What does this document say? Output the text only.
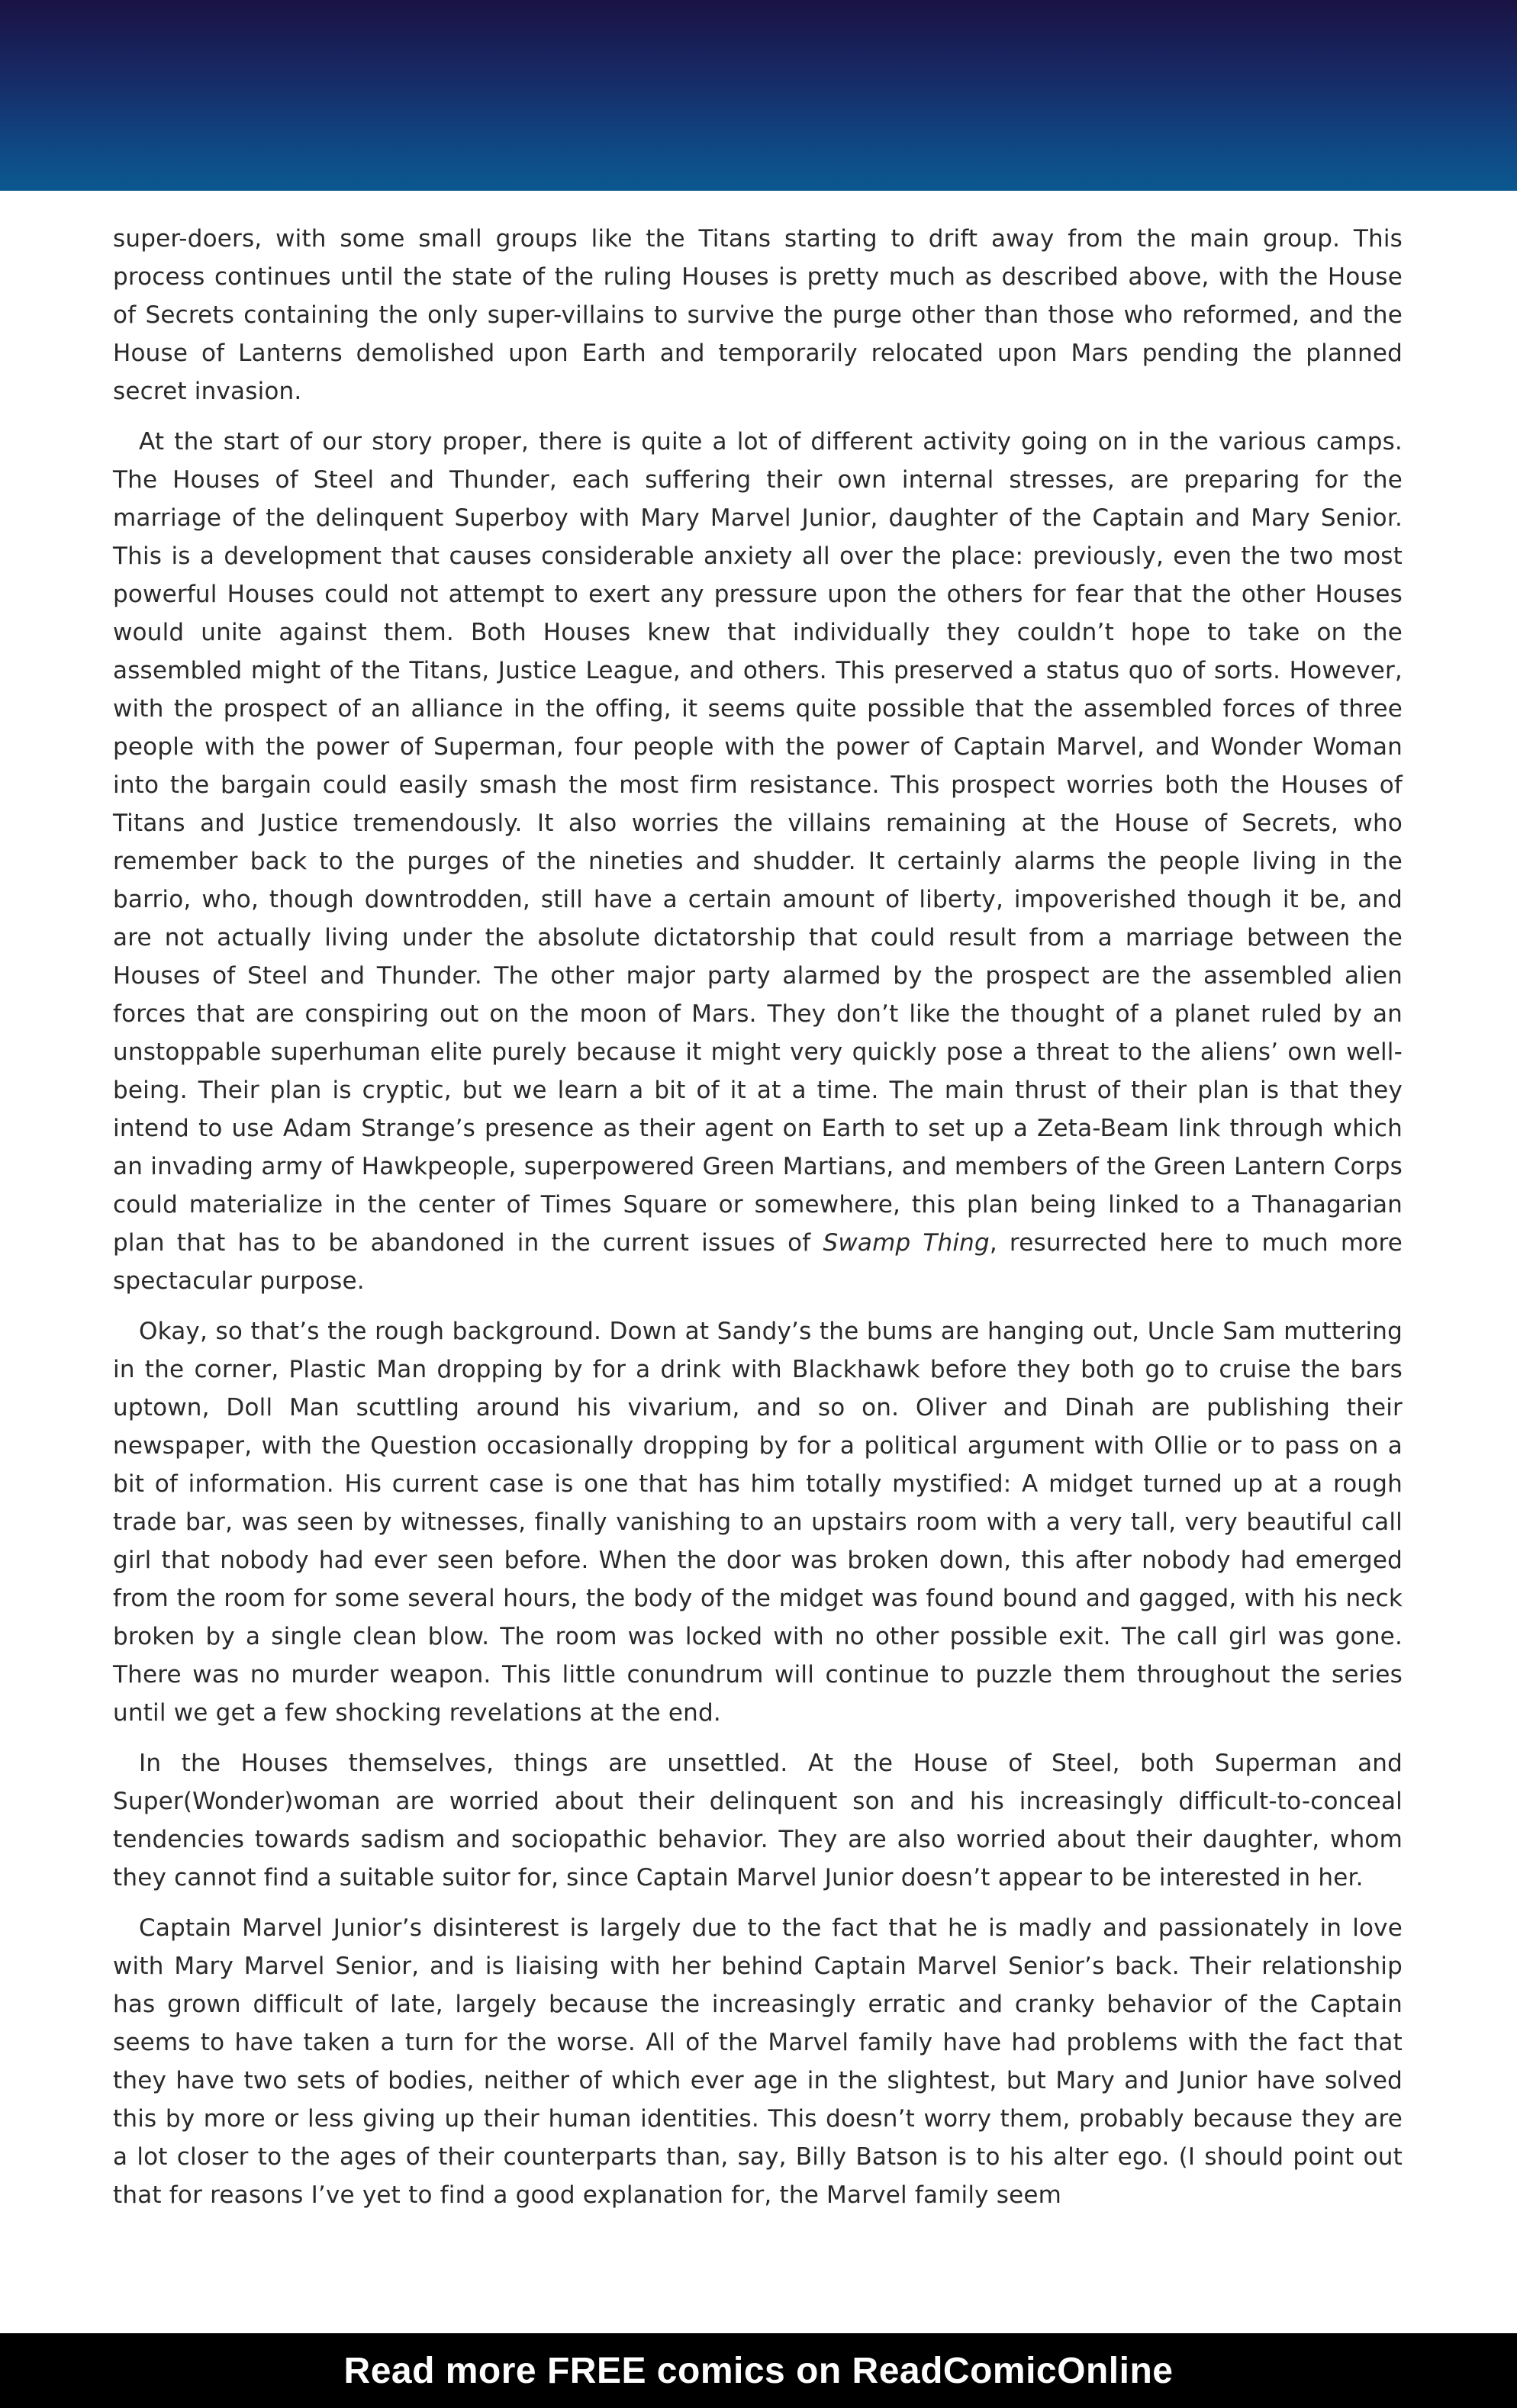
super-doers, with some small groups like the Titans starting to drift away from the main group. This process continues until the state of the ruling Houses is pretty much as described above, with the House of Secrets containing the only super-villains to survive the purge other than those who reformed, and the House of Lanterns demolished upon Earth and temporarily relocated upon Mars pending the planned secret invasion.

At the start of our story proper, there is quite a lot of different activity going on in the various camps. The Houses of Steel and Thunder, each suffering their own internal stresses, are preparing for the marriage of the delinquent Superboy with Mary Marvel Junior, daughter of the Captain and Mary Senior. This is a development that causes considerable anxiety all over the place: previously, even the two most powerful Houses could not attempt to exert any pressure upon the others for fear that the other Houses would unite against them. Both Houses knew that individually they couldn’t hope to take on the assembled might of the Titans, Justice League, and others. This preserved a status quo of sorts. However, with the prospect of an alliance in the offing, it seems quite possible that the assembled forces of three people with the power of Superman, four people with the power of Captain Marvel, and Wonder Woman into the bargain could easily smash the most firm resistance. This prospect worries both the Houses of Titans and Justice tremendously. It also worries the villains remaining at the House of Secrets, who remember back to the purges of the nineties and shudder. It certainly alarms the people living in the barrio, who, though downtrodden, still have a certain amount of liberty, impoverished though it be, and are not actually living under the absolute dictatorship that could result from a marriage between the Houses of Steel and Thunder. The other major party alarmed by the prospect are the assembled alien forces that are conspiring out on the moon of Mars. They don’t like the thought of a planet ruled by an unstoppable superhuman elite purely because it might very quickly pose a threat to the aliens’ own well-being. Their plan is cryptic, but we learn a bit of it at a time. The main thrust of their plan is that they intend to use Adam Strange’s presence as their agent on Earth to set up a Zeta-Beam link through which an invading army of Hawkpeople, superpowered Green Martians, and members of the Green Lantern Corps could materialize in the center of Times Square or somewhere, this plan being linked to a Thanagarian plan that has to be abandoned in the current issues of Swamp Thing, resurrected here to much more spectacular purpose.

Okay, so that’s the rough background. Down at Sandy’s the bums are hanging out, Uncle Sam muttering in the corner, Plastic Man dropping by for a drink with Blackhawk before they both go to cruise the bars uptown, Doll Man scuttling around his vivarium, and so on. Oliver and Dinah are publishing their newspaper, with the Question occasionally dropping by for a political argument with Ollie or to pass on a bit of information. His current case is one that has him totally mystified: A midget turned up at a rough trade bar, was seen by witnesses, finally vanishing to an upstairs room with a very tall, very beautiful call girl that nobody had ever seen before. When the door was broken down, this after nobody had emerged from the room for some several hours, the body of the midget was found bound and gagged, with his neck broken by a single clean blow. The room was locked with no other possible exit. The call girl was gone. There was no murder weapon. This little conundrum will continue to puzzle them throughout the series until we get a few shocking revelations at the end.

In the Houses themselves, things are unsettled. At the House of Steel, both Superman and Super(Wonder)woman are worried about their delinquent son and his increasingly difficult-to-conceal tendencies towards sadism and sociopathic behavior. They are also worried about their daughter, whom they cannot find a suitable suitor for, since Captain Marvel Junior doesn’t appear to be interested in her.

Captain Marvel Junior’s disinterest is largely due to the fact that he is madly and passionately in love with Mary Marvel Senior, and is liaising with her behind Captain Marvel Senior’s back. Their relationship has grown difficult of late, largely because the increasingly erratic and cranky behavior of the Captain seems to have taken a turn for the worse. All of the Marvel family have had problems with the fact that they have two sets of bodies, neither of which ever age in the slightest, but Mary and Junior have solved this by more or less giving up their human identities. This doesn’t worry them, probably because they are a lot closer to the ages of their counterparts than, say, Billy Batson is to his alter ego. (I should point out that for reasons I’ve yet to find a good explanation for, the Marvel family seem

Read more FREE comics on ReadComicOnline
